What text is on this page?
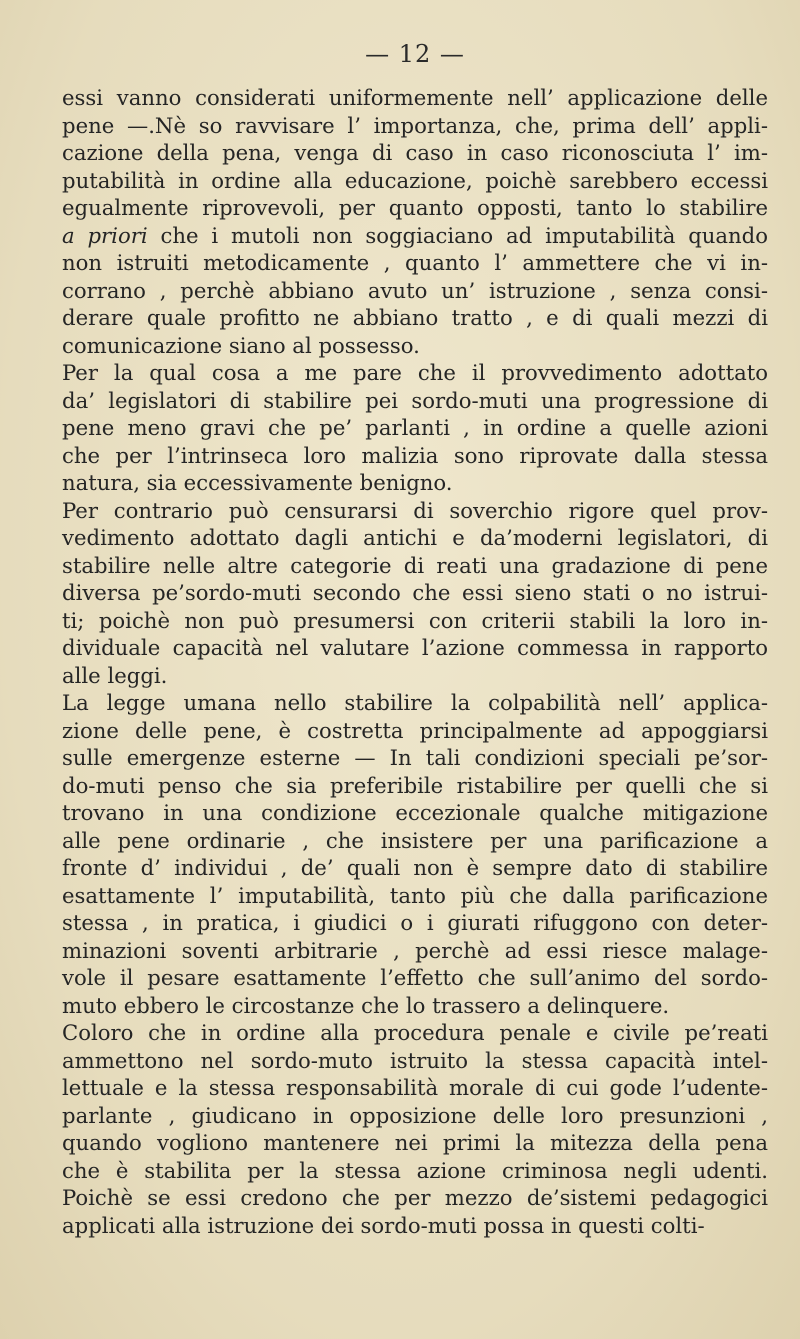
— 12 —
essi vanno considerati uniformemente nell’ applicazione delle
pene —.Nè so ravvisare l’ importanza, che, prima dell’ appli-
cazione della pena, venga di caso in caso riconosciuta l’ im-
putabilità in ordine alla educazione, poichè sarebbero eccessi
egualmente riprovevoli, per quanto opposti, tanto lo stabilire
a priori che i mutoli non soggiaciano ad imputabilità quando
non istruiti metodicamente , quanto l’ ammettere che vi in-
corrano , perchè abbiano avuto un’ istruzione , senza consi-
derare quale profitto ne abbiano tratto , e di quali mezzi di
comunicazione siano al possesso.
Per la qual cosa a me pare che il provvedimento adottato
da’ legislatori di stabilire pei sordo-muti una progressione di
pene meno gravi che pe’ parlanti , in ordine a quelle azioni
che per l’intrinseca loro malizia sono riprovate dalla stessa
natura, sia eccessivamente benigno.
Per contrario può censurarsi di soverchio rigore quel prov-
vedimento adottato dagli antichi e da’moderni legislatori, di
stabilire nelle altre categorie di reati una gradazione di pene
diversa pe’sordo-muti secondo che essi sieno stati o no istrui-
ti; poichè non può presumersi con criterii stabili la loro in-
dividuale capacità nel valutare l’azione commessa in rapporto
alle leggi.
La legge umana nello stabilire la colpabilità nell’ applica-
zione delle pene, è costretta principalmente ad appoggiarsi
sulle emergenze esterne — In tali condizioni speciali pe’sor-
do-muti penso che sia preferibile ristabilire per quelli che si
trovano in una condizione eccezionale qualche mitigazione
alle pene ordinarie , che insistere per una parificazione a
fronte d’ individui , de’ quali non è sempre dato di stabilire
esattamente l’ imputabilità, tanto più che dalla parificazione
stessa , in pratica, i giudici o i giurati rifuggono con deter-
minazioni soventi arbitrarie , perchè ad essi riesce malage-
vole il pesare esattamente l’effetto che sull’animo del sordo-
muto ebbero le circostanze che lo trassero a delinquere.
Coloro che in ordine alla procedura penale e civile pe’reati
ammettono nel sordo-muto istruito la stessa capacità intel-
lettuale e la stessa responsabilità morale di cui gode l’udente-
parlante , giudicano in opposizione delle loro presunzioni ,
quando vogliono mantenere nei primi la mitezza della pena
che è stabilita per la stessa azione criminosa negli udenti.
Poichè se essi credono che per mezzo de’sistemi pedagogici
applicati alla istruzione dei sordo-muti possa in questi colti-
